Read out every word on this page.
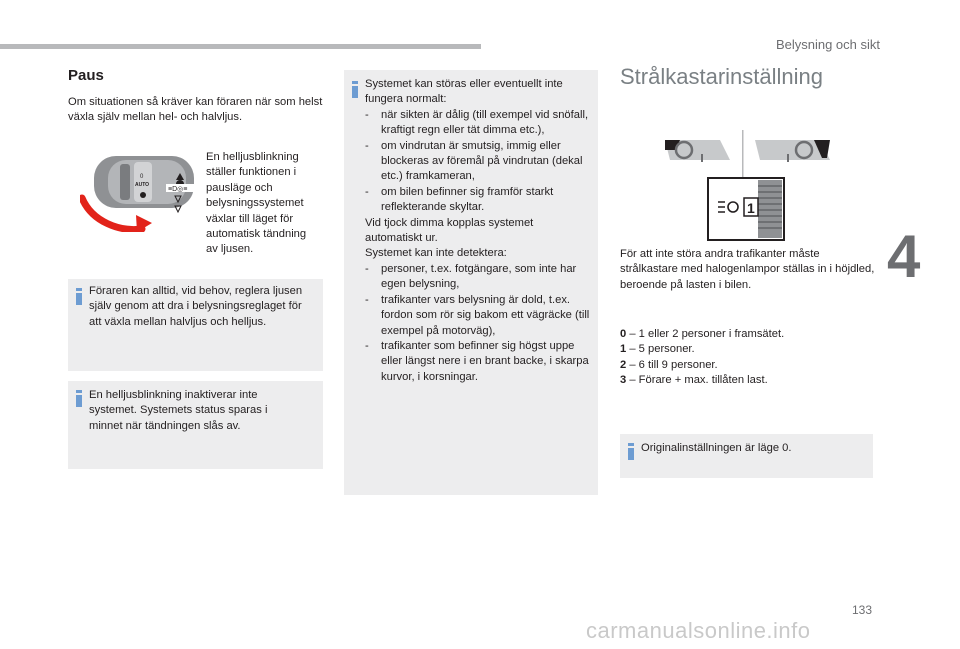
Belysning och sikt
4
133
carmanualsonline.info
Paus
Om situationen så kräver kan föraren när som helst växla själv mellan hel- och halvljus.
0
AUTO
≡D◎≡
En helljusblinkning ställer funktionen i pausläge och belysningssystemet växlar till läget för automatisk tändning av ljusen.
Föraren kan alltid, vid behov, reglera ljusen själv genom att dra i belysningsreglaget för att växla mellan halvljus och helljus.
En helljusblinkning inaktiverar inte systemet. Systemets status sparas i minnet när tändningen slås av.
Systemet kan störas eller eventuellt inte fungera normalt:
- när sikten är dålig (till exempel vid snöfall, kraftigt regn eller tät dimma etc.),
- om vindrutan är smutsig, immig eller blockeras av föremål på vindrutan (dekal etc.) framkameran,
- om bilen befinner sig framför starkt reflekterande skyltar.
Vid tjock dimma kopplas systemet automatiskt ur.
Systemet kan inte detektera:
- personer, t.ex. fotgängare, som inte har egen belysning,
- trafikanter vars belysning är dold, t.ex. fordon som rör sig bakom ett vägräcke (till exempel på motorväg),
- trafikanter som befinner sig högst uppe eller längst nere i en brant backe, i skarpa kurvor, i korsningar.
Strålkastarinställning
1
För att inte störa andra trafikanter måste strålkastare med halogenlampor ställas in i höjdled, beroende på lasten i bilen.
0 – 1 eller 2 personer i framsätet.
1 – 5 personer.
2 – 6 till 9 personer.
3 – Förare + max. tillåten last.
Originalinställningen är läge 0.
